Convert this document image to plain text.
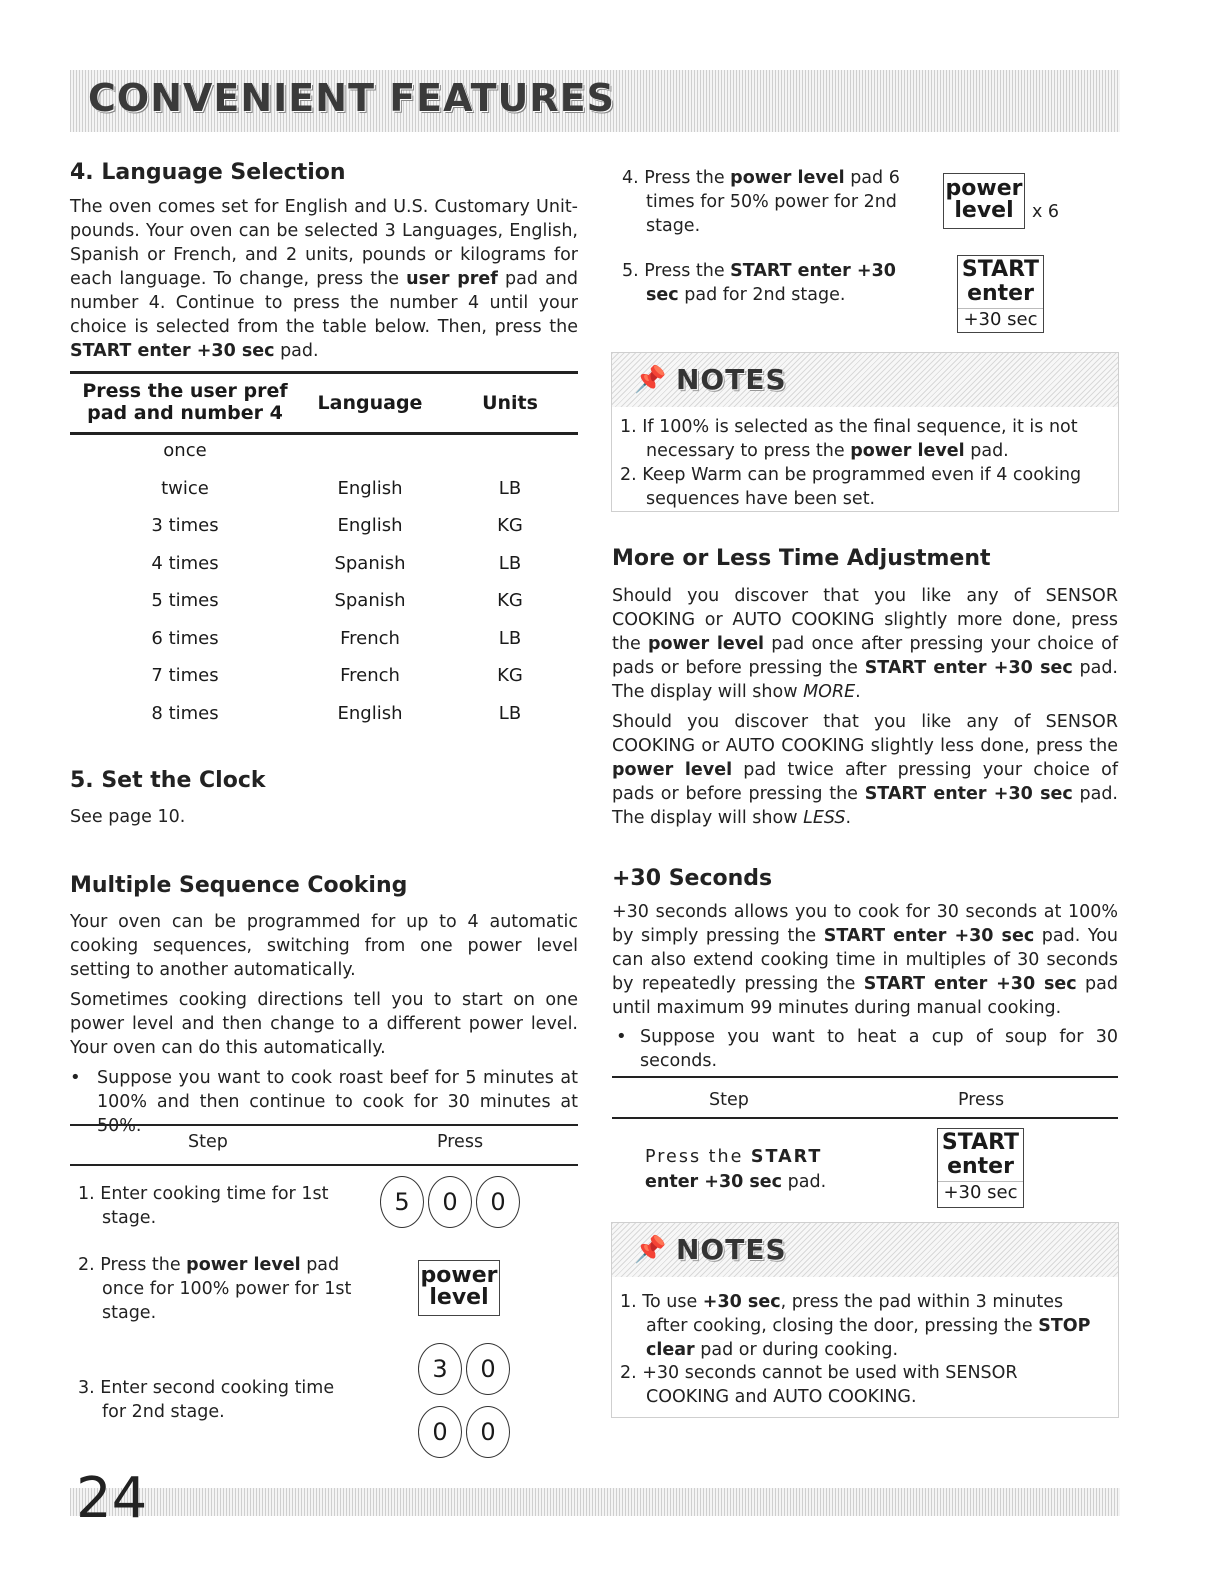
CONVENIENT FEATURES
4. Language Selection

The oven comes set for English and U.S. Customary Unit-pounds. Your oven can be selected 3 Languages, English, Spanish or French, and 2 units, pounds or kilograms for each language. To change, press the user pref pad and number 4. Continue to press the number 4 until your choice is selected from the table below. Then, press the START enter +30 sec pad.

Press the user pref pad and number 4	Language	Units
once
twice	English	LB
3 times	English	KG
4 times	Spanish	LB
5 times	Spanish	KG
6 times	French	LB
7 times	French	KG
8 times	English	LB
5. Set the Clock

See page 10.

Multiple Sequence Cooking

Your oven can be programmed for up to 4 automatic cooking sequences, switching from one power level setting to another automatically.

Sometimes cooking directions tell you to start on one power level and then change to a different power level. Your oven can do this automatically.

• Suppose you want to cook roast beef for 5 minutes at 100% and then continue to cook for 30 minutes at 50%.

Step	Press

1. Enter cooking time for 1st stage.

5	0	0

2. Press the power level pad once for 100% power for 1st stage.

power
level

3. Enter second cooking time for 2nd stage.

3	0
0	0

4. Press the power level pad 6 times for 50% power for 2nd stage.

power
level	x 6

5. Press the START enter +30 sec pad for 2nd stage.

START
enter
+30 sec
📌 NOTES

1. If 100% is selected as the final sequence, it is not necessary to press the power level pad.

2. Keep Warm can be programmed even if 4 cooking sequences have been set.

More or Less Time Adjustment

Should you discover that you like any of SENSOR COOKING or AUTO COOKING slightly more done, press the power level pad once after pressing your choice of pads or before pressing the START enter +30 sec pad. The display will show MORE.

Should you discover that you like any of SENSOR COOKING or AUTO COOKING slightly less done, press the power level pad twice after pressing your choice of pads or before pressing the START enter +30 sec pad. The display will show LESS.

+30 Seconds

+30 seconds allows you to cook for 30 seconds at 100% by simply pressing the START enter +30 sec pad. You can also extend cooking time in multiples of 30 seconds by repeatedly pressing the START enter +30 sec pad until maximum 99 minutes during manual cooking.

• Suppose you want to heat a cup of soup for 30 seconds.

Step	Press

Press the START

enter +30 sec pad.

START
enter
+30 sec
📌 NOTES

1. To use +30 sec, press the pad within 3 minutes after cooking, closing the door, pressing the STOP clear pad or during cooking.

2. +30 seconds cannot be used with SENSOR COOKING and AUTO COOKING.

24
